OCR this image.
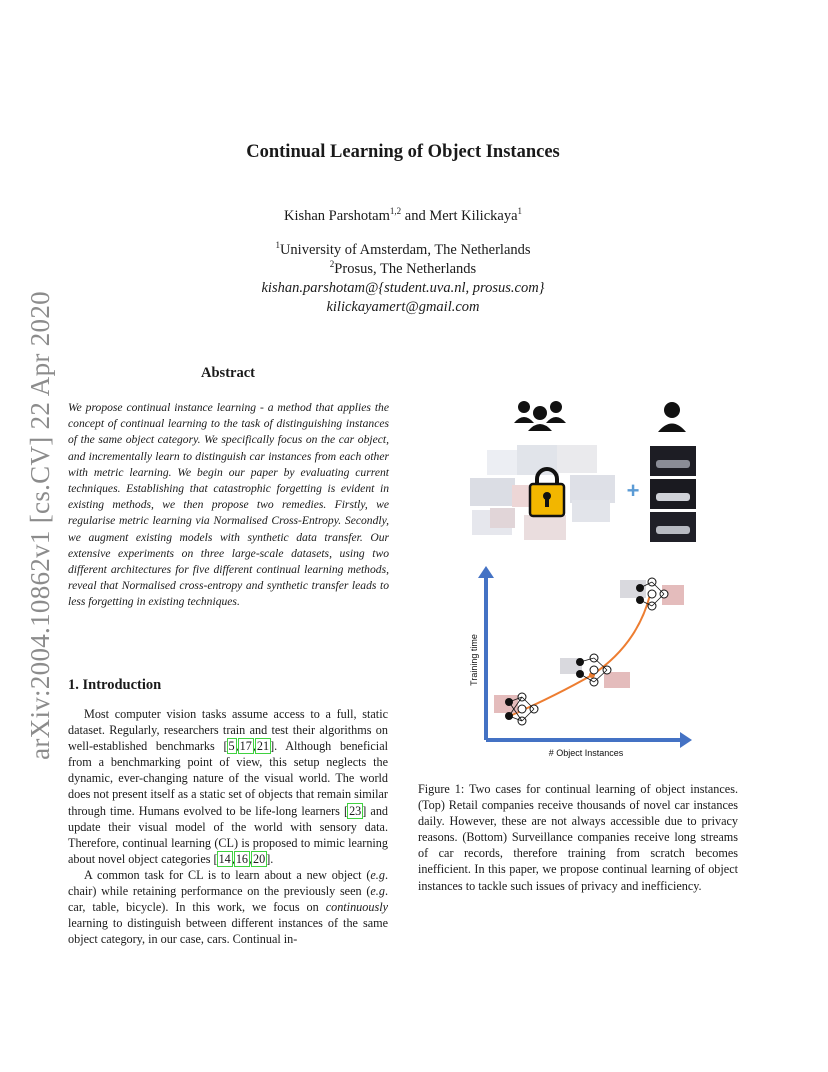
arXiv:2004.10862v1 [cs.CV] 22 Apr 2020
Continual Learning of Object Instances
Kishan Parshotam$^{1,2}$ and Mert Kilickaya$^1$
$^1$University of Amsterdam, The Netherlands
$^2$Prosus, The Netherlands
kishan.parshotam@{student.uva.nl, prosus.com}
kilickayamert@gmail.com
Abstract
We propose continual instance learning - a method that applies the concept of continual learning to the task of distinguishing instances of the same object category. We specifically focus on the car object, and incrementally learn to distinguish car instances from each other with metric learning. We begin our paper by evaluating current techniques. Establishing that catastrophic forgetting is evident in existing methods, we then propose two remedies. Firstly, we regularise metric learning via Normalised Cross-Entropy. Secondly, we augment existing models with synthetic data transfer. Our extensive experiments on three large-scale datasets, using two different architectures for five different continual learning methods, reveal that Normalised cross-entropy and synthetic transfer leads to less forgetting in existing techniques.
1. Introduction

Most computer vision tasks assume access to a full, static dataset. Regularly, researchers train and test their algorithms on well-established benchmarks [5,17,21]. Although beneficial from a benchmarking point of view, this setup neglects the dynamic, ever-changing nature of the visual world. The world does not present itself as a static set of objects that remain similar through time. Humans evolved to be life-long learners [23] and update their visual model of the world with sensory data. Therefore, continual learning (CL) is proposed to mimic learning about novel object categories [14,16,20].

A common task for CL is to learn about a new object (e.g. chair) while retaining performance on the previously seen (e.g. car, table, bicycle). In this work, we focus on continuously learning to distinguish between different instances of the same object category, in our case, cars. Continual in-

+
Training time
# Object Instances
Figure 1: Two cases for continual learning of object instances. (Top) Retail companies receive thousands of novel car instances daily. However, these are not always accessible due to privacy reasons. (Bottom) Surveillance companies receive long streams of car records, therefore training from scratch becomes inefficient. In this paper, we propose continual learning of object instances to tackle such issues of privacy and inefficiency.
